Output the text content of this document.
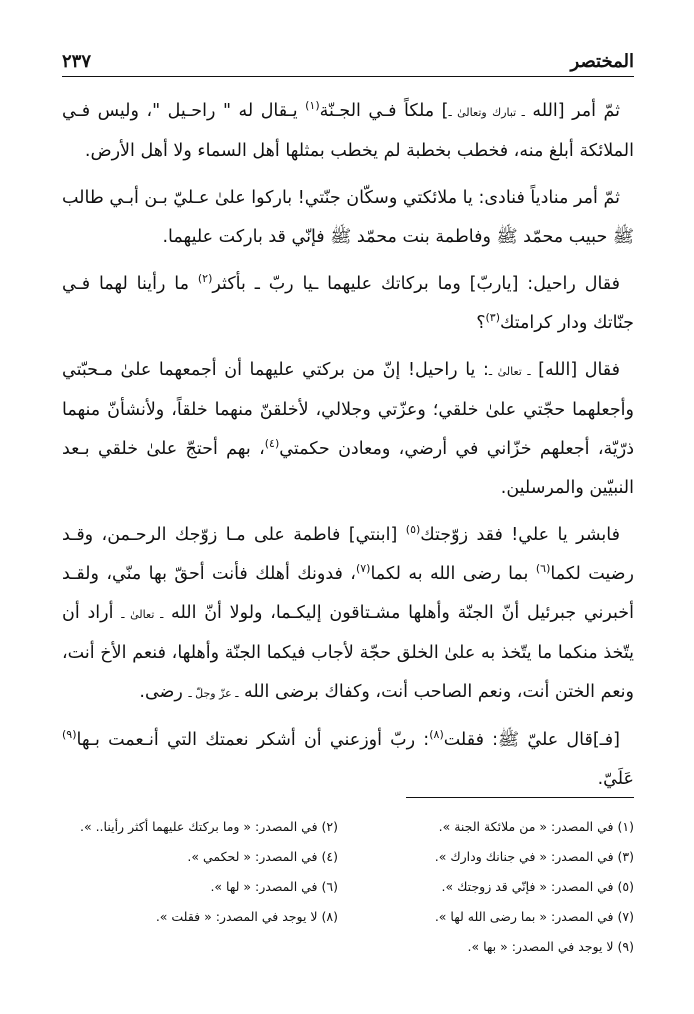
المختصر
٢٣٧

ثمّ أمر [الله ـ تبارك وتعالىٰ ـ] ملكاً فـي الجـنّة$^{(١)}$ يـقال له " راحـيل "، وليس فـي الملائكة أبلغ منه، فخطب بخطبة لم يخطب بمثلها أهل السماء ولا أهل الأرض.

ثمّ أمر منادياً فنادى: يا ملائكتي وسكّان جنّتي! باركوا علىٰ عـليّ بـن أبـي طالب ﷺ حبيب محمّد ﷺ وفاطمة بنت محمّد ﷺ فإنّي قد باركت عليهما.

فقال راحيل: [ياربّ] وما بركاتك عليهما ـيا ربّ ـ بأكثر$^{(٢)}$ ما رأينا لهما فـي جنّاتك ودار كرامتك$^{(٣)}$؟

فقال [الله] ـ تعالىٰ ـ: يا راحيل! إنّ من بركتي عليهما أن أجمعهما علىٰ مـحبّتي وأجعلهما حجّتي علىٰ خلقي؛ وعزّتي وجلالي، لأخلقنّ منهما خلقاً، ولأنشأنّ منهما ذرّيّة، أجعلهم خزّاني في أرضي، ومعادن حكمتي$^{(٤)}$، بهم أحتجّ علىٰ خلقي بـعد النبيّين والمرسلين.

فابشر يا علي! فقد زوّجتك$^{(٥)}$ [ابنتي] فاطمة على مـا زوّجك الرحـمن، وقـد رضيت لكما$^{(٦)}$ بما رضى الله به لكما$^{(٧)}$، فدونك أهلك فأنت أحقّ بها منّي، ولقـد أخبرني جبرئيل أنّ الجنّة وأهلها مشـتاقون إليكـما، ولولا أنّ الله ـ تعالىٰ ـ أراد أن يتّخذ منكما ما يتّخذ به علىٰ الخلق حجّة لأجاب فيكما الجنّة وأهلها، فنعم الأخ أنت، ونعم الختن أنت، ونعم الصاحب أنت، وكفاك برضى الله ـ عزّ وجلّ ـ رضى.

[فـ]قال عليّ ﷺ: فقلت$^{(٨)}$: ربّ أوزعني أن أشكر نعمتك التي أنـعمت بـها$^{(٩)}$ عَلَيّ.

(١) في المصدر: « من ملائكة الجنة ».
(٢) في المصدر: « وما بركتك عليهما أكثر رأينا.. ».
(٣) في المصدر: « في جنانك ودارك ».
(٤) في المصدر: « لحكمي ».
(٥) في المصدر: « فإنّي قد زوجتك ».
(٦) في المصدر: « لها ».
(٧) في المصدر: « بما رضى الله لها ».
(٨) لا يوجد في المصدر: « فقلت ».
(٩) لا يوجد في المصدر: « بها ».
